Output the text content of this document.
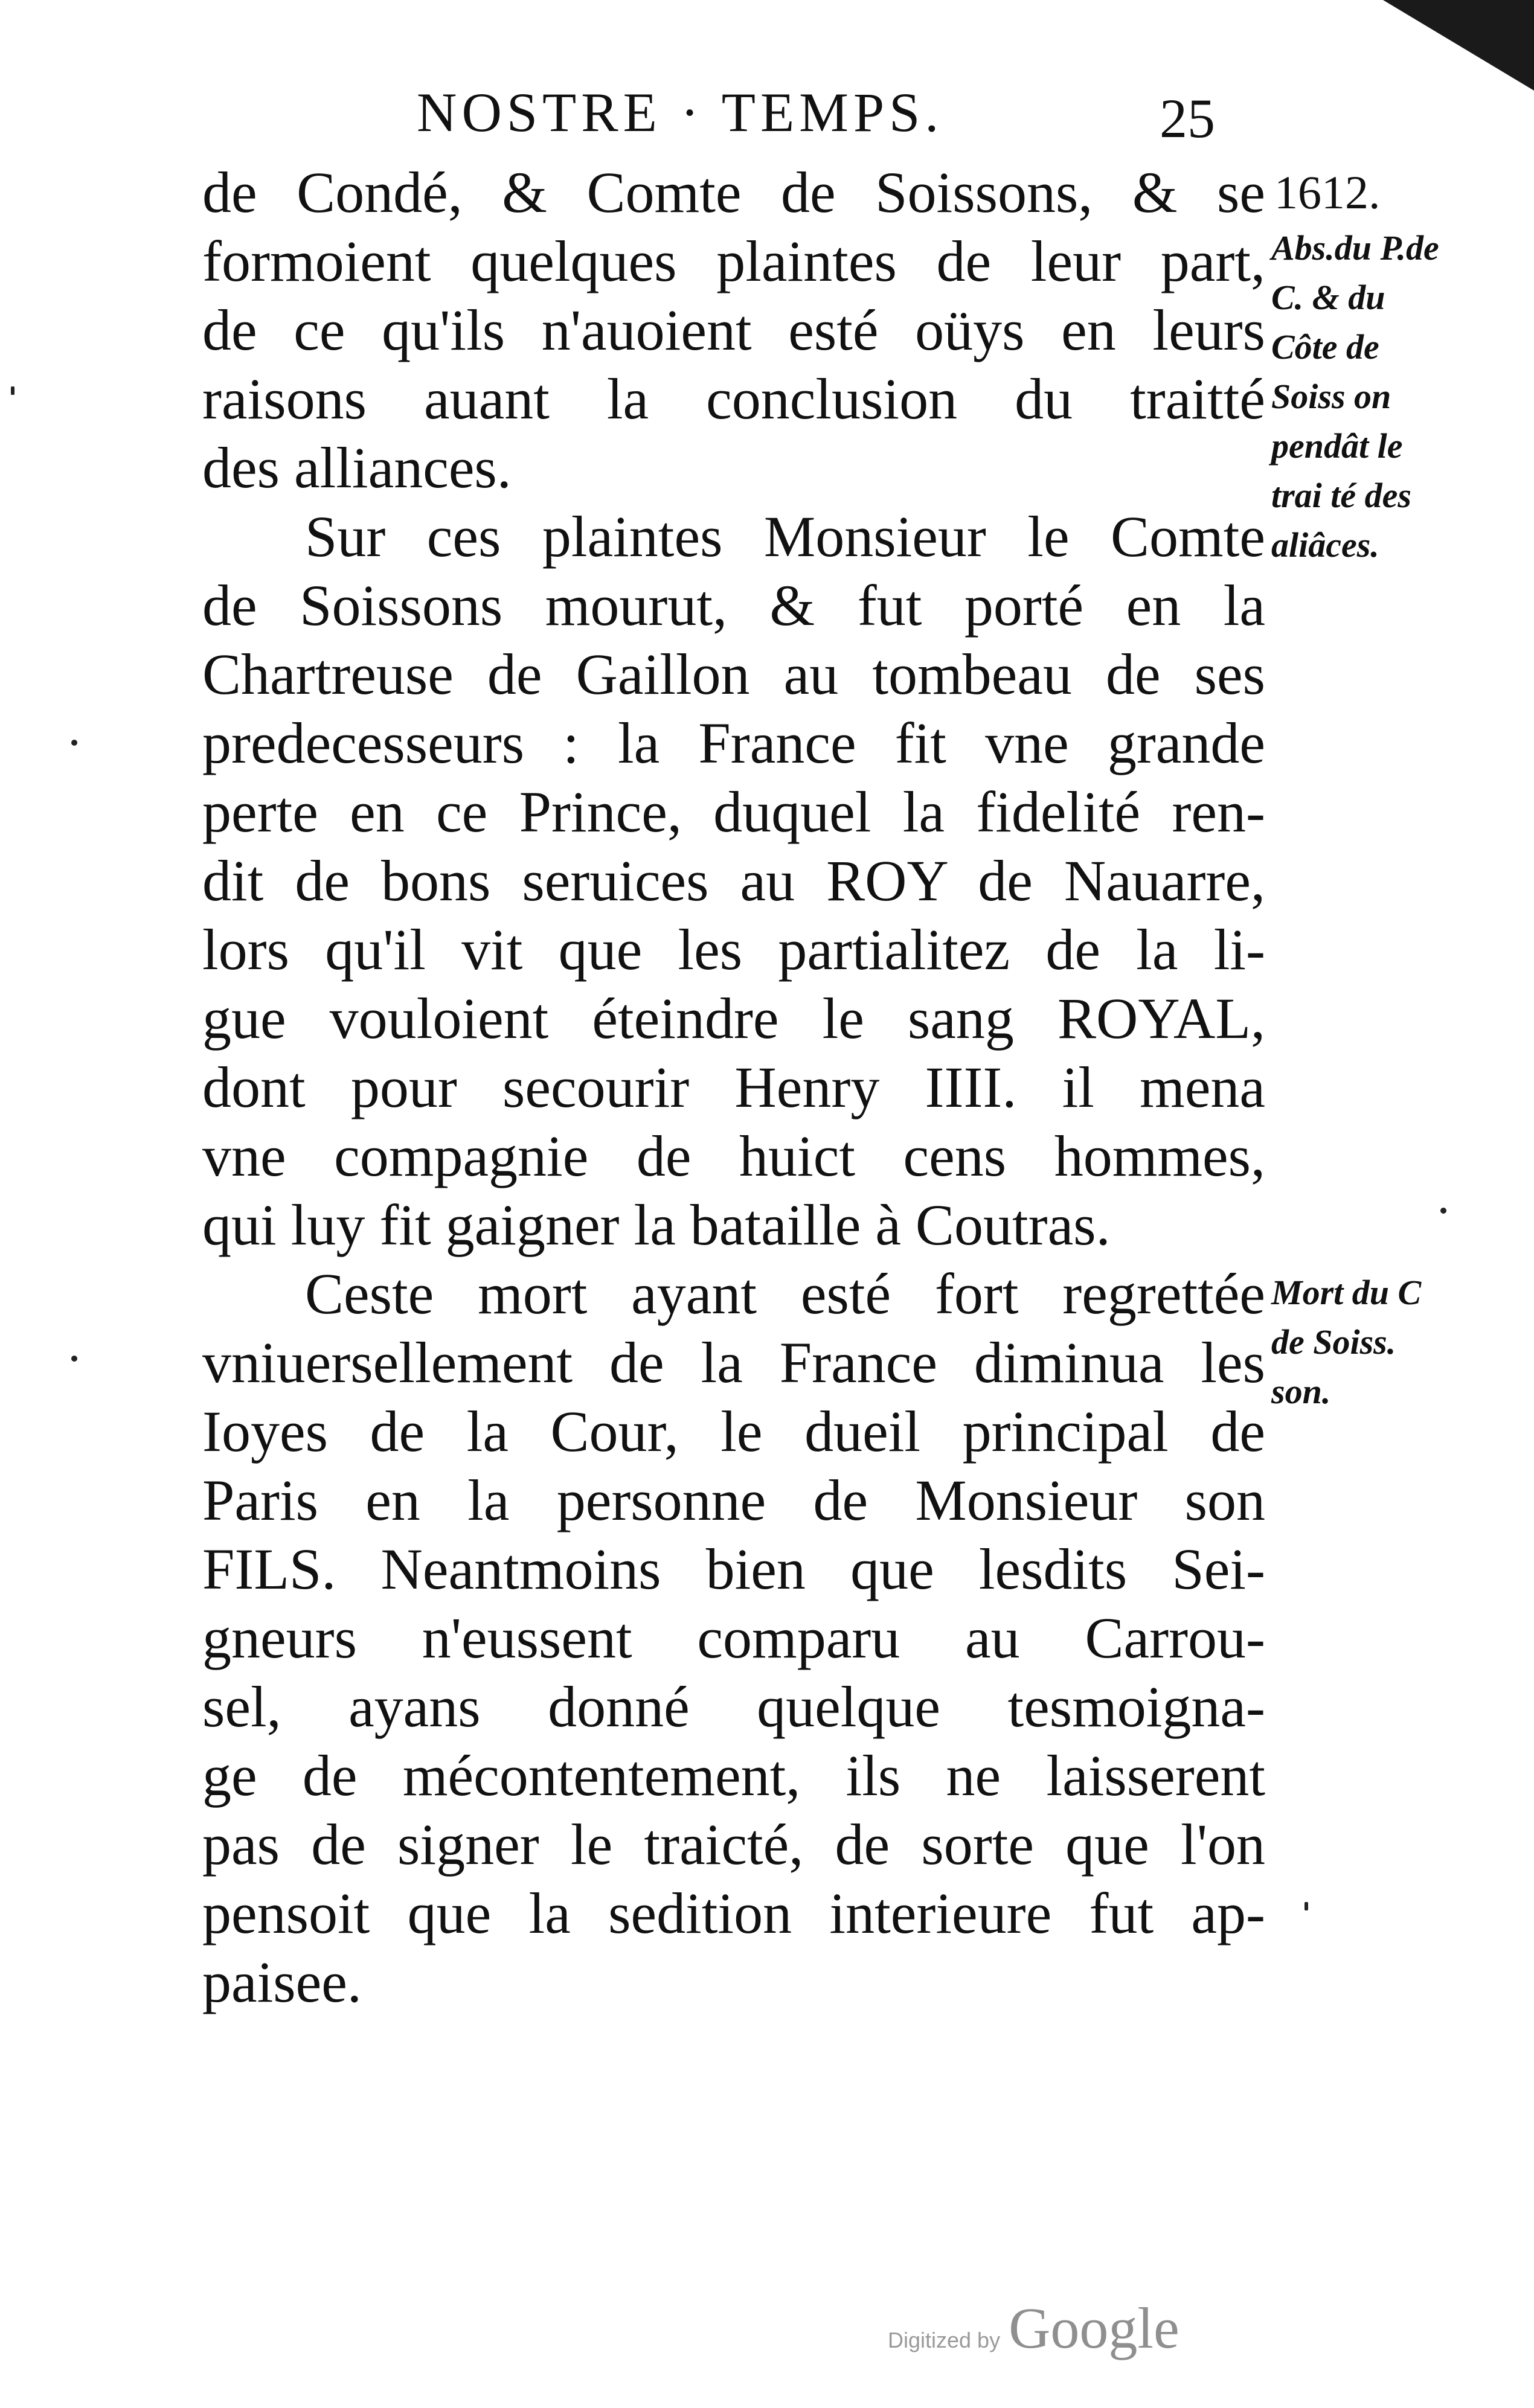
NOSTRE · TEMPS.	25
1612.
Abs.du P.de C. & du Côte de Soiss on pendât le trai té des aliâces.
Mort du C de Soiss. son.
de Condé, & Comte de Soissons, & se
formoient quelques plaintes de leur part,
de ce qu'ils n'auoient esté oüys en leurs
raisons auant la conclusion du traitté
des alliances.
Sur ces plaintes Monsieur le Comte
de Soissons mourut, & fut porté en la
Chartreuse de Gaillon au tombeau de ses
predecesseurs : la France fit vne grande
perte en ce Prince, duquel la fidelité ren-
dit de bons seruices au ROY de Nauarre,
lors qu'il vit que les partialitez de la li-
gue vouloient éteindre le sang ROYAL,
dont pour secourir Henry IIII. il mena
vne compagnie de huict cens hommes,
qui luy fit gaigner la bataille à Coutras.
Ceste mort ayant esté fort regrettée
vniuersellement de la France diminua les
Ioyes de la Cour, le dueil principal de
Paris en la personne de Monsieur son
FILS. Neantmoins bien que lesdits Sei-
gneurs n'eussent comparu au Carrou-
sel, ayans donné quelque tesmoigna-
ge de mécontentement, ils ne laisserent
pas de signer le traicté, de sorte que l'on
pensoit que la sedition interieure fut ap-
paisee.
Digitized by Google
